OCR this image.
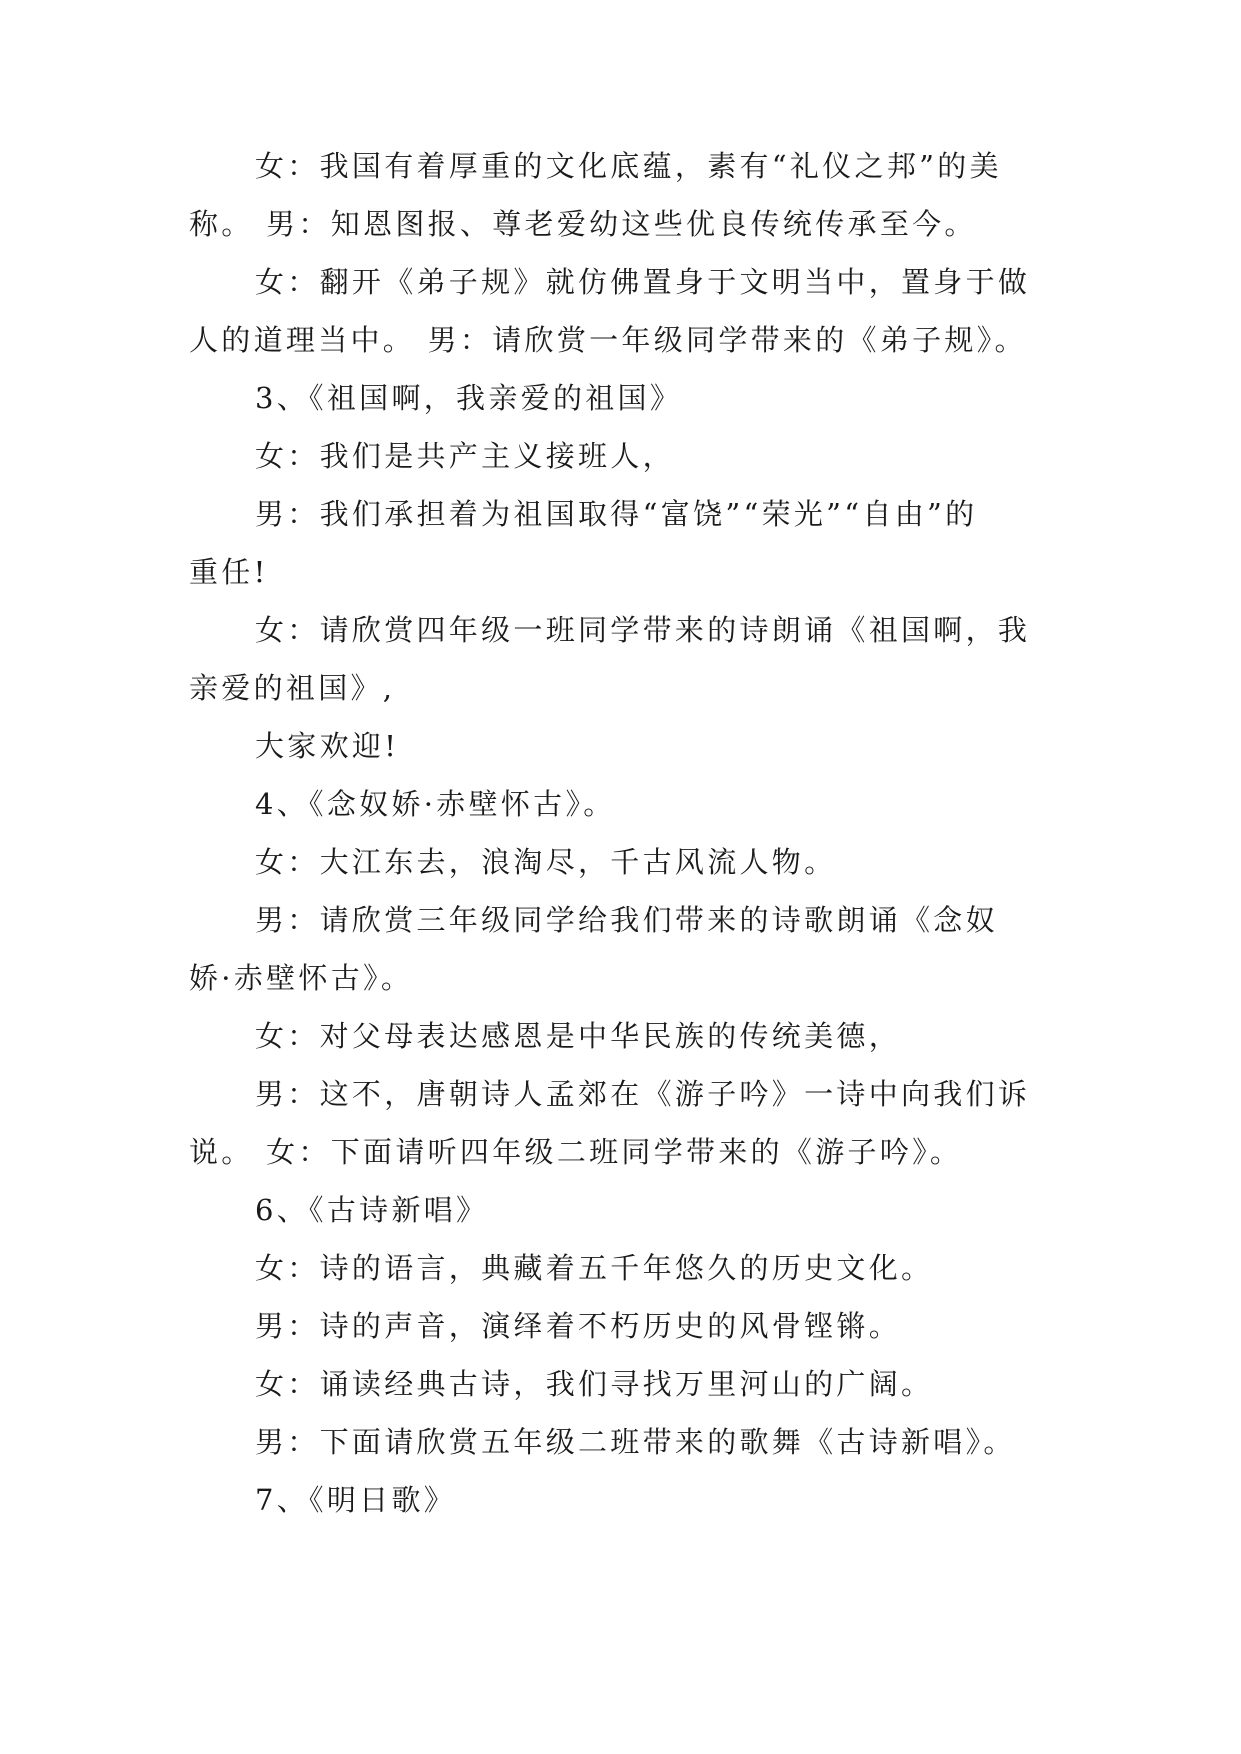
女：我国有着厚重的文化底蕴，素有“礼仪之邦”的美
称。 男：知恩图报、尊老爱幼这些优良传统传承至今。

女：翻开《弟子规》就仿佛置身于文明当中，置身于做
人的道理当中。 男：请欣赏一年级同学带来的《弟子规》。

3、《祖国啊，我亲爱的祖国》

女：我们是共产主义接班人，

男：我们承担着为祖国取得“富饶”“荣光”“自由”的
重任!

女：请欣赏四年级一班同学带来的诗朗诵《祖国啊，我
亲爱的祖国》,

大家欢迎!

4、《念奴娇·赤壁怀古》。

女：大江东去，浪淘尽，千古风流人物。

男：请欣赏三年级同学给我们带来的诗歌朗诵《念奴
娇·赤壁怀古》。

女：对父母表达感恩是中华民族的传统美德，

男：这不，唐朝诗人孟郊在《游子吟》一诗中向我们诉
说。 女：下面请听四年级二班同学带来的《游子吟》。

6、《古诗新唱》

女：诗的语言，典藏着五千年悠久的历史文化。

男：诗的声音，演绎着不朽历史的风骨铿锵。

女：诵读经典古诗，我们寻找万里河山的广阔。

男：下面请欣赏五年级二班带来的歌舞《古诗新唱》。

7、《明日歌》
